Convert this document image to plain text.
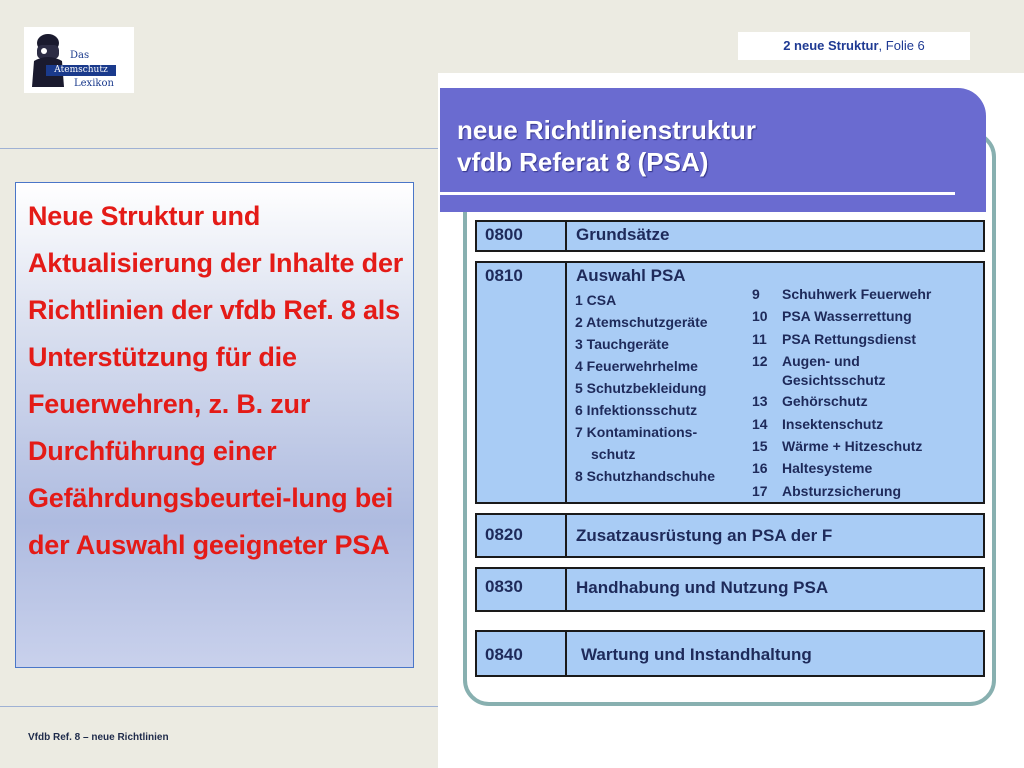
Das
Atemschutz
Lexikon
2 neue Struktur, Folie 6

Neue Struktur und Aktualisierung der Inhalte der Richtlinien der vfdb Ref. 8 als Unterstützung für die Feuerwehren, z. B. zur Durchführung einer Gefährdungsbeurtei-lung bei der Auswahl geeigneter PSA

Vfdb Ref. 8 – neue Richtlinien
neue Richtlinienstruktur
vfdb Referat 8 (PSA)
0800	Grundsätze
0810	Auswahl PSA
1 CSA
2 Atemschutzgeräte
3 Tauchgeräte
4 Feuerwehrhelme
5 Schutzbekleidung
6 Infektionsschutz
7 Kontaminations-
schutz
8 Schutzhandschuhe
9 Schuhwerk Feuerwehr
10 PSA Wasserrettung
11 PSA Rettungsdienst
12 Augen- und
Gesichtsschutz
13 Gehörschutz
14 Insektenschutz
15 Wärme + Hitzeschutz
16 Haltesysteme
17 Absturzsicherung
0820	Zusatzausrüstung an PSA der F
0830	Handhabung und Nutzung PSA
0840	Wartung und Instandhaltung
